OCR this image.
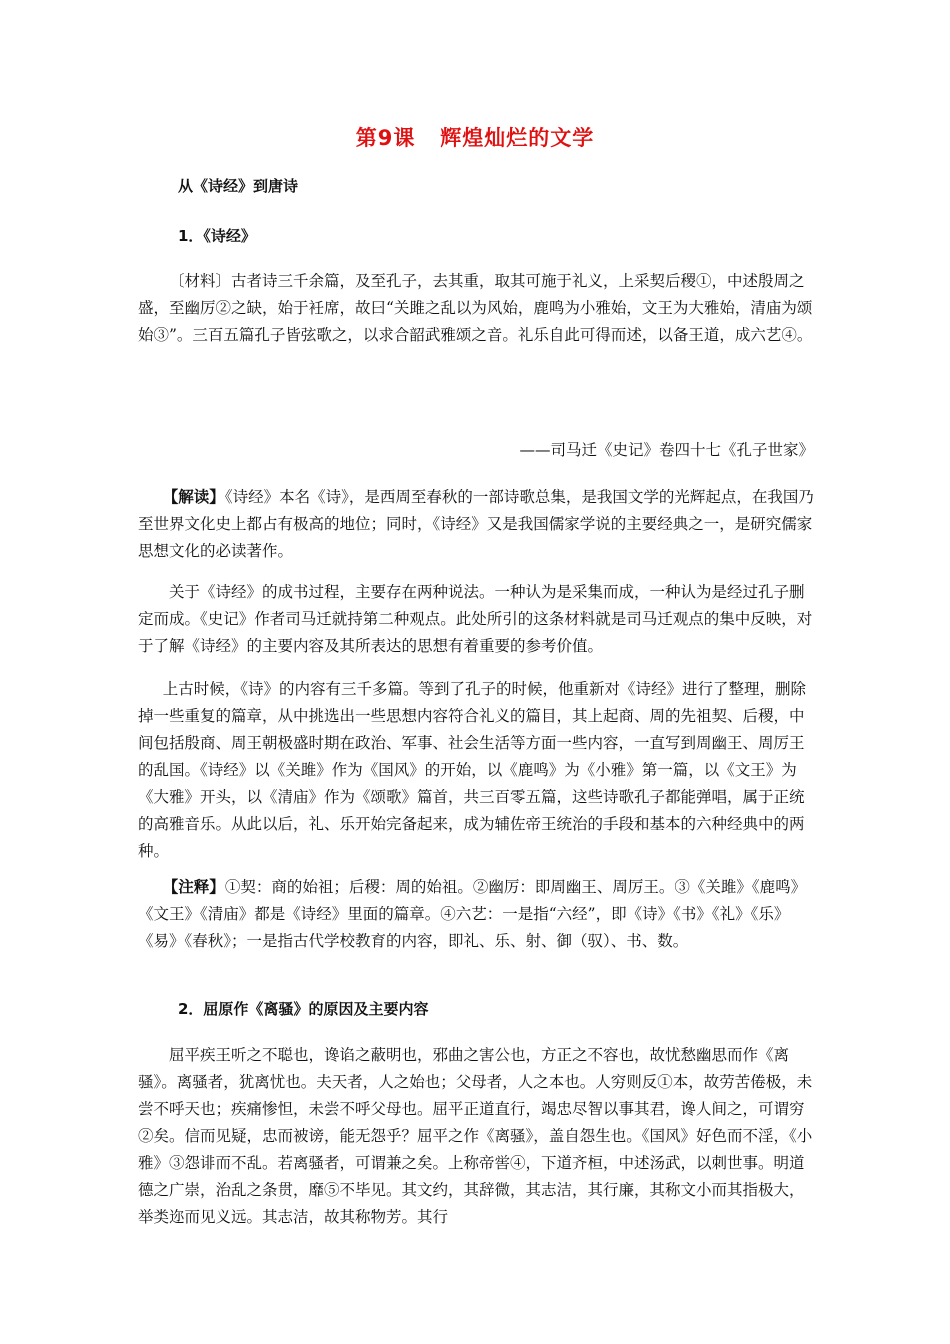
第9课 辉煌灿烂的文学
从《诗经》到唐诗
1．《诗经》
〔材料〕古者诗三千余篇，及至孔子，去其重，取其可施于礼义，上采契后稷①，中述殷周之盛，至幽厉②之缺，始于衽席，故曰“关雎之乱以为风始，鹿鸣为小雅始，文王为大雅始，清庙为颂始③”。三百五篇孔子皆弦歌之，以求合韶武雅颂之音。礼乐自此可得而述，以备王道，成六艺④。
——司马迁《史记》卷四十七《孔子世家》
【解读】《诗经》本名《诗》，是西周至春秋的一部诗歌总集，是我国文学的光辉起点，在我国乃至世界文化史上都占有极高的地位；同时，《诗经》又是我国儒家学说的主要经典之一，是研究儒家思想文化的必读著作。
关于《诗经》的成书过程，主要存在两种说法。一种认为是采集而成，一种认为是经过孔子删定而成。《史记》作者司马迁就持第二种观点。此处所引的这条材料就是司马迁观点的集中反映，对于了解《诗经》的主要内容及其所表达的思想有着重要的参考价值。
上古时候，《诗》的内容有三千多篇。等到了孔子的时候，他重新对《诗经》进行了整理，删除掉一些重复的篇章，从中挑选出一些思想内容符合礼义的篇目，其上起商、周的先祖契、后稷，中间包括殷商、周王朝极盛时期在政治、军事、社会生活等方面一些内容，一直写到周幽王、周厉王的乱国。《诗经》以《关雎》作为《国风》的开始，以《鹿鸣》为《小雅》第一篇，以《文王》为《大雅》开头，以《清庙》作为《颂歌》篇首，共三百零五篇，这些诗歌孔子都能弹唱，属于正统的高雅音乐。从此以后，礼、乐开始完备起来，成为辅佐帝王统治的手段和基本的六种经典中的两种。
【注释】①契：商的始祖；后稷：周的始祖。②幽厉：即周幽王、周厉王。③《关雎》《鹿鸣》《文王》《清庙》都是《诗经》里面的篇章。④六艺：一是指“六经”，即《诗》《书》《礼》《乐》《易》《春秋》；一是指古代学校教育的内容，即礼、乐、射、御（驭）、书、数。
2．屈原作《离骚》的原因及主要内容
屈平疾王听之不聪也，谗谄之蔽明也，邪曲之害公也，方正之不容也，故忧愁幽思而作《离骚》。离骚者，犹离忧也。夫天者，人之始也；父母者，人之本也。人穷则反①本，故劳苦倦极，未尝不呼天也；疾痛惨怛，未尝不呼父母也。屈平正道直行，竭忠尽智以事其君，谗人间之，可谓穷②矣。信而见疑，忠而被谤，能无怨乎？屈平之作《离骚》，盖自怨生也。《国风》好色而不淫，《小雅》③怨诽而不乱。若离骚者，可谓兼之矣。上称帝喾④，下道齐桓，中述汤武，以刺世事。明道德之广崇，治乱之条贯，靡⑤不毕见。其文约，其辞微，其志洁，其行廉，其称文小而其指极大，举类迩而见义远。其志洁，故其称物芳。其行
